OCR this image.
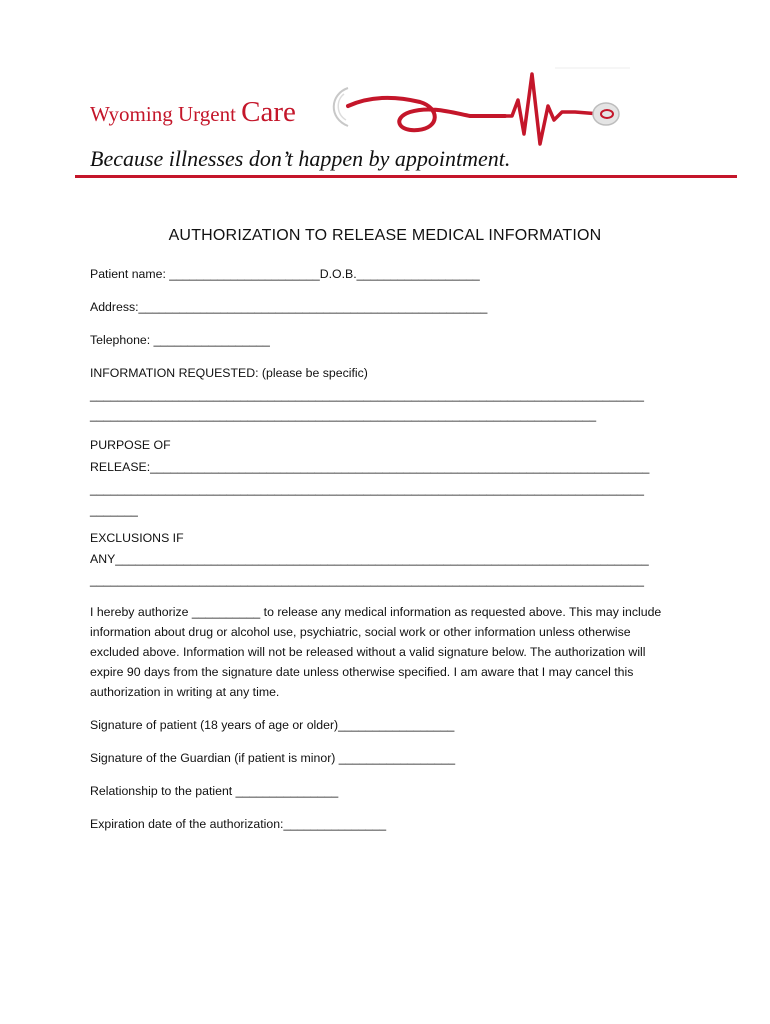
Wyoming Urgent Care
Because illnesses don’t happen by appointment.
AUTHORIZATION TO RELEASE MEDICAL INFORMATION
Patient name: ______________________D.O.B.__________________
Address:___________________________________________________
Telephone: _________________
INFORMATION REQUESTED: (please be specific)
_________________________________________________________________________________
__________________________________________________________________________
PURPOSE OF
RELEASE:_________________________________________________________________________
_________________________________________________________________________________
_______
EXCLUSIONS IF
ANY______________________________________________________________________________
_________________________________________________________________________________
I hereby authorize __________ to release any medical information as requested above. This may include information about drug or alcohol use, psychiatric, social work or other information unless otherwise excluded above. Information will not be released without a valid signature below. The authorization will expire 90 days from the signature date unless otherwise specified. I am aware that I may cancel this authorization in writing at any time.
Signature of patient (18 years of age or older)_________________
Signature of the Guardian (if patient is minor) _________________
Relationship to the patient _______________
Expiration date of the authorization:_______________
